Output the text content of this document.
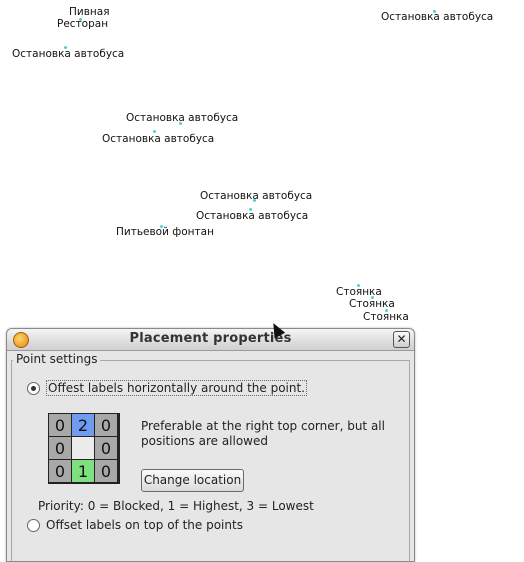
Пивная
Ресторан
Остановка автобуса
Остановка автобуса
Остановка автобуса
Остановка автобуса
Остановка автобуса
Остановка автобуса
Питьевой фонтан
Стоянка
Стоянка
Стоянка
Placement properties	✕
Point settings
Offest labels horizontally around the point.
0 2 0
0	0
0 1 0
Preferable at the right top corner, but all positions are allowed
Change location
Priority: 0 = Blocked, 1 = Highest, 3 = Lowest
Offset labels on top of the points
